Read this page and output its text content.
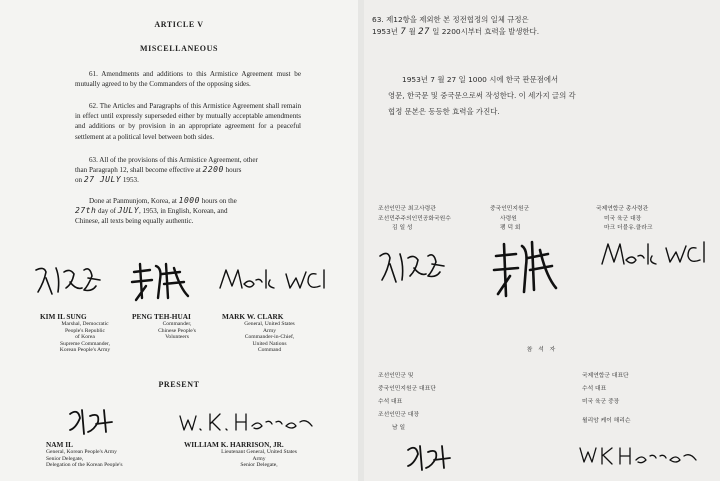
ARTICLE V
MISCELLANEOUS
61. Amendments and additions to this Armistice Agreement must be mutually agreed to by the Commanders of the opposing sides.
62. The Articles and Paragraphs of this Armistice Agreement shall remain in effect until expressly superseded either by mutually acceptable amendments and additions or by provision in an appropriate agreement for a peaceful settlement at a political level between both sides.
63. All of the provisions of this Armistice Agreement, other
than Paragraph 12, shall become effective at 2200 hours
on 27 JULY 1953.
Done at Panmunjom, Korea, at 1000 hours on the
27th day of JULY, 1953, in English, Korean, and
Chinese, all texts being equally authentic.
KIM IL SUNG
Marshal, Democratic
People's Republic
of Korea
Supreme Commander,
Korean People's Army
PENG TEH-HUAI
Commander,
Chinese People's
Volunteers
MARK W. CLARK
General, United States
Army
Commander-in-Chief,
United Nations
Command
PRESENT
NAM IL
General, Korean People's Army
Senior Delegate,
Delegation of the Korean People's
WILLIAM K. HARRISON, JR.
Lieutenant General, United States
Army
Senior Delegate,
63. 제12항을 제외한 본 정전협정의 일체 규정은
1953년 7 월 27 일 2200시부터 효력을 발생한다.
1953년 7 월 27 일 1000 시에 한국 판문점에서
영문, 한국문 및 중국문으로써 작성한다. 이 세가지 글의 각
협정 문본은 동등한 효력을 가진다.
조선인민군 최고사령관
조선민주주의인민공화국원수
김 일 성
중국인민지원군
사령원
팽 덕 회
국제연합군 총사령관
미국 육군 대장
마크 더블유.클라크
참 석 자
조선인민군 및
중국인민지원군 대표단
수석 대표
조선인민군 대장
남 일
국제연합군 대표단
수석 대표
미국 육군 중장
윌리암 케이 해리슨
